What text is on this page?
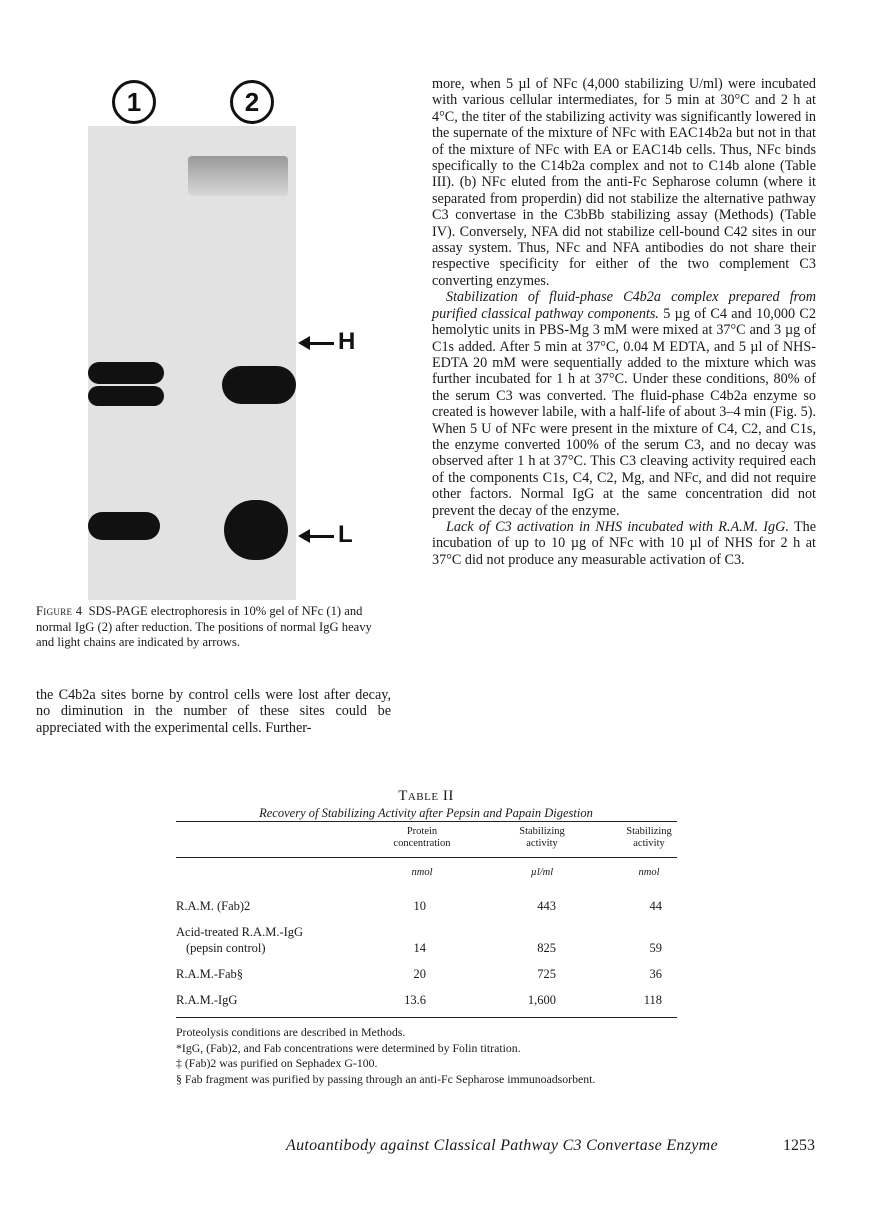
1	2
H
L
Figure 4 SDS-PAGE electrophoresis in 10% gel of NFc (1) and normal IgG (2) after reduction. The positions of normal IgG heavy and light chains are indicated by arrows.

the C4b2a sites borne by control cells were lost after decay, no diminution in the number of these sites could be appreciated with the experimental cells. Further-

more, when 5 µl of NFc (4,000 stabilizing U/ml) were incubated with various cellular intermediates, for 5 min at 30°C and 2 h at 4°C, the titer of the stabilizing activity was significantly lowered in the supernate of the mixture of NFc with EAC14b2a but not in that of the mixture of NFc with EA or EAC14b cells. Thus, NFc binds specifically to the C14b2a complex and not to C14b alone (Table III). (b) NFc eluted from the anti-Fc Sepharose column (where it separated from properdin) did not stabilize the alternative pathway C3 convertase in the C3bBb stabilizing assay (Methods) (Table IV). Conversely, NFA did not stabilize cell-bound C42 sites in our assay system. Thus, NFc and NFA antibodies do not share their respective specificity for either of the two complement C3 converting enzymes.

Stabilization of fluid-phase C4b2a complex prepared from purified classical pathway components. 5 µg of C4 and 10,000 C2 hemolytic units in PBS-Mg 3 mM were mixed at 37°C and 3 µg of C1s added. After 5 min at 37°C, 0.04 M EDTA, and 5 µl of NHS-EDTA 20 mM were sequentially added to the mixture which was further incubated for 1 h at 37°C. Under these conditions, 80% of the serum C3 was converted. The fluid-phase C4b2a enzyme so created is however labile, with a half-life of about 3–4 min (Fig. 5). When 5 U of NFc were present in the mixture of C4, C2, and C1s, the enzyme converted 100% of the serum C3, and no decay was observed after 1 h at 37°C. This C3 cleaving activity required each of the components C1s, C4, C2, Mg, and NFc, and did not require other factors. Normal IgG at the same concentration did not prevent the decay of the enzyme.

Lack of C3 activation in NHS incubated with R.A.M. IgG. The incubation of up to 10 µg of NFc with 10 µl of NHS for 2 h at 37°C did not produce any measurable activation of C3.

Table II
Recovery of Stabilizing Activity after Pepsin and Papain Digestion
Protein concentration
Stabilizing activity
Stabilizing activity
nmol	µl/ml	nmol
R.A.M. (Fab)2	10	443	44
Acid-treated R.A.M.-IgG
(pepsin control)	14	825	59
R.A.M.-Fab§	20	725	36
R.A.M.-IgG	13.6	1,600	118
Proteolysis conditions are described in Methods.
*IgG, (Fab)2, and Fab concentrations were determined by Folin titration.
‡ (Fab)2 was purified on Sephadex G-100.
§ Fab fragment was purified by passing through an anti-Fc Sepharose immunoadsorbent.
Autoantibody against Classical Pathway C3 Convertase Enzyme	1253
